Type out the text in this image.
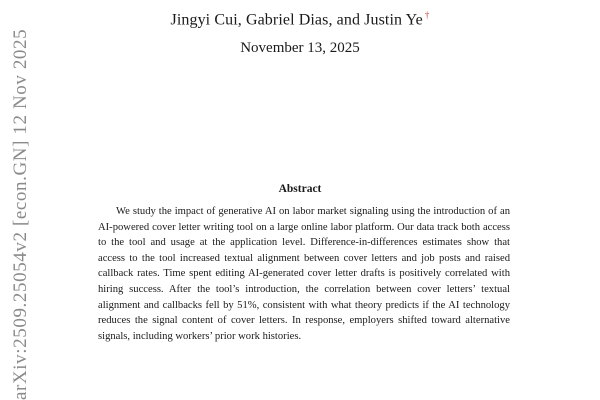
arXiv:2509.25054v2 [econ.GN] 12 Nov 2025
Jingyi Cui, Gabriel Dias, and Justin Ye †
November 13, 2025
Abstract
We study the impact of generative AI on labor market signaling using the introduction of an AI-powered cover letter writing tool on a large online labor platform. Our data track both access to the tool and usage at the application level. Difference-in-differences estimates show that access to the tool increased textual alignment between cover letters and job posts and raised callback rates. Time spent editing AI-generated cover letter drafts is positively correlated with hiring success. After the tool’s introduction, the correlation between cover letters’ textual alignment and callbacks fell by 51%, consistent with what theory predicts if the AI technology reduces the signal content of cover letters. In response, employers shifted toward alternative signals, including workers’ prior work histories.
